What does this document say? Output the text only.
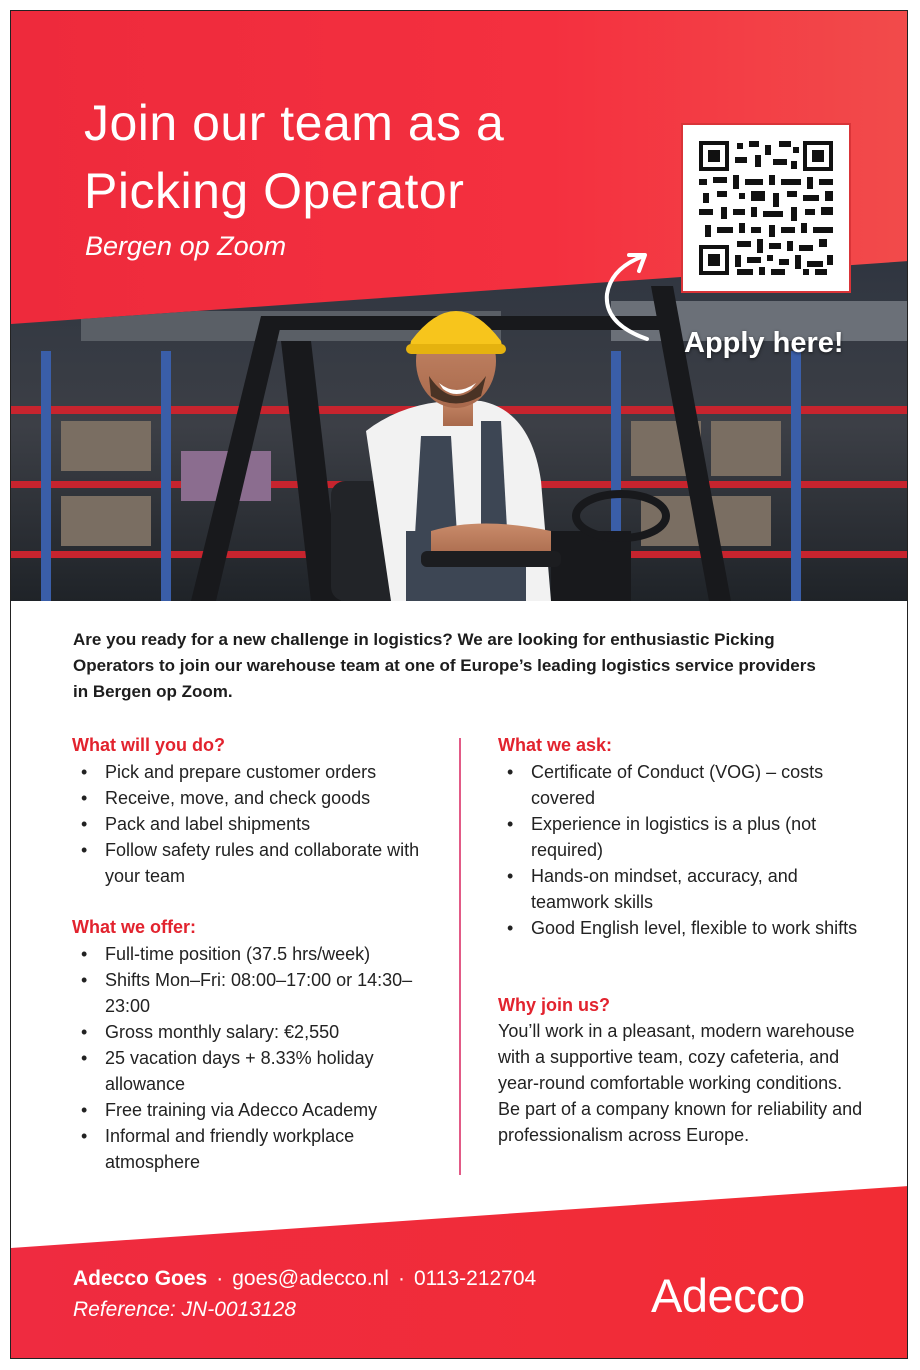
Join our team as a
Picking Operator
Bergen op Zoom
Apply here!

Are you ready for a new challenge in logistics? We are looking for enthusiastic Picking Operators to join our warehouse team at one of Europe’s leading logistics service providers in Bergen op Zoom.

What will you do?
• Pick and prepare customer orders
• Receive, move, and check goods
• Pack and label shipments
• Follow safety rules and collaborate with your team
What we offer:
• Full-time position (37.5 hrs/week)
• Shifts Mon–Fri: 08:00–17:00 or 14:30–23:00
• Gross monthly salary: €2,550
• 25 vacation days + 8.33% holiday allowance
• Free training via Adecco Academy
• Informal and friendly workplace atmosphere
What we ask:
• Certificate of Conduct (VOG) – costs covered
• Experience in logistics is a plus (not required)
• Hands-on mindset, accuracy, and teamwork skills
• Good English level, flexible to work shifts
Why join us?

You’ll work in a pleasant, modern warehouse with a supportive team, cozy cafeteria, and year-round comfortable working conditions. Be part of a company known for reliability and professionalism across Europe.

Adecco Goes · goes@adecco.nl · 0113-212704
Reference: JN-0013128	Adecco
